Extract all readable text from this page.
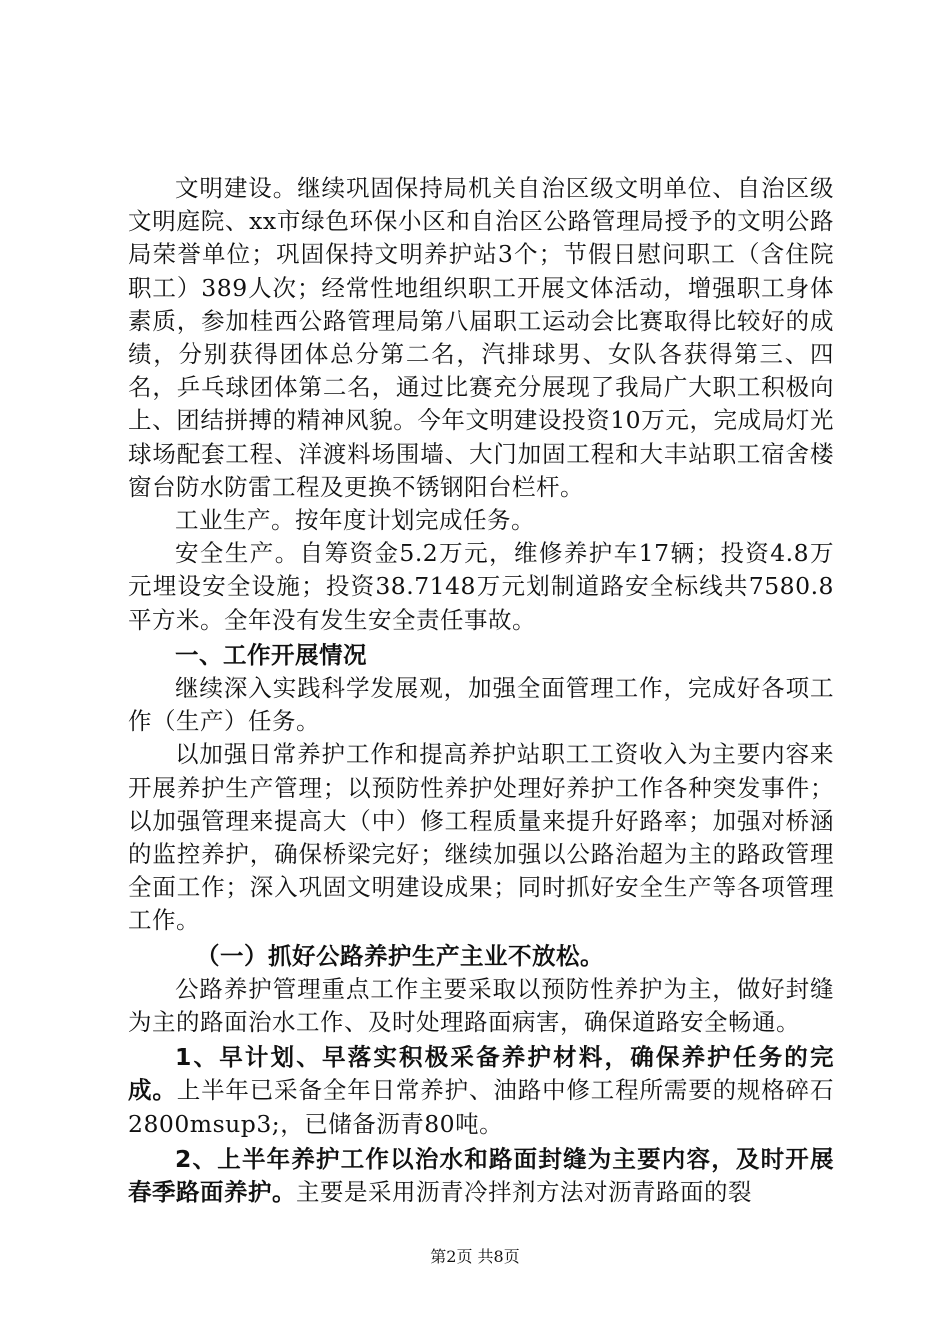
文明建设。继续巩固保持局机关自治区级文明单位、自治区级文明庭院、xx市绿色环保小区和自治区公路管理局授予的文明公路局荣誉单位；巩固保持文明养护站3个；节假日慰问职工（含住院职工）389人次；经常性地组织职工开展文体活动，增强职工身体素质，参加桂西公路管理局第八届职工运动会比赛取得比较好的成绩，分别获得团体总分第二名，汽排球男、女队各获得第三、四名，乒乓球团体第二名，通过比赛充分展现了我局广大职工积极向上、团结拼搏的精神风貌。今年文明建设投资10万元，完成局灯光球场配套工程、洋渡料场围墙、大门加固工程和大丰站职工宿舍楼窗台防水防雷工程及更换不锈钢阳台栏杆。

工业生产。按年度计划完成任务。

安全生产。自筹资金5.2万元，维修养护车17辆；投资4.8万元埋设安全设施；投资38.7148万元划制道路安全标线共7580.8平方米。全年没有发生安全责任事故。

一、工作开展情况

继续深入实践科学发展观，加强全面管理工作，完成好各项工作（生产）任务。

以加强日常养护工作和提高养护站职工工资收入为主要内容来开展养护生产管理；以预防性养护处理好养护工作各种突发事件；以加强管理来提高大（中）修工程质量来提升好路率；加强对桥涵的监控养护，确保桥梁完好；继续加强以公路治超为主的路政管理全面工作；深入巩固文明建设成果；同时抓好安全生产等各项管理工作。

（一）抓好公路养护生产主业不放松。

公路养护管理重点工作主要采取以预防性养护为主，做好封缝为主的路面治水工作、及时处理路面病害，确保道路安全畅通。

1、早计划、早落实积极采备养护材料，确保养护任务的完成。上半年已采备全年日常养护、油路中修工程所需要的规格碎石2800msup3;，已储备沥青80吨。

2、上半年养护工作以治水和路面封缝为主要内容，及时开展春季路面养护。主要是采用沥青冷拌剂方法对沥青路面的裂

第2页 共8页
